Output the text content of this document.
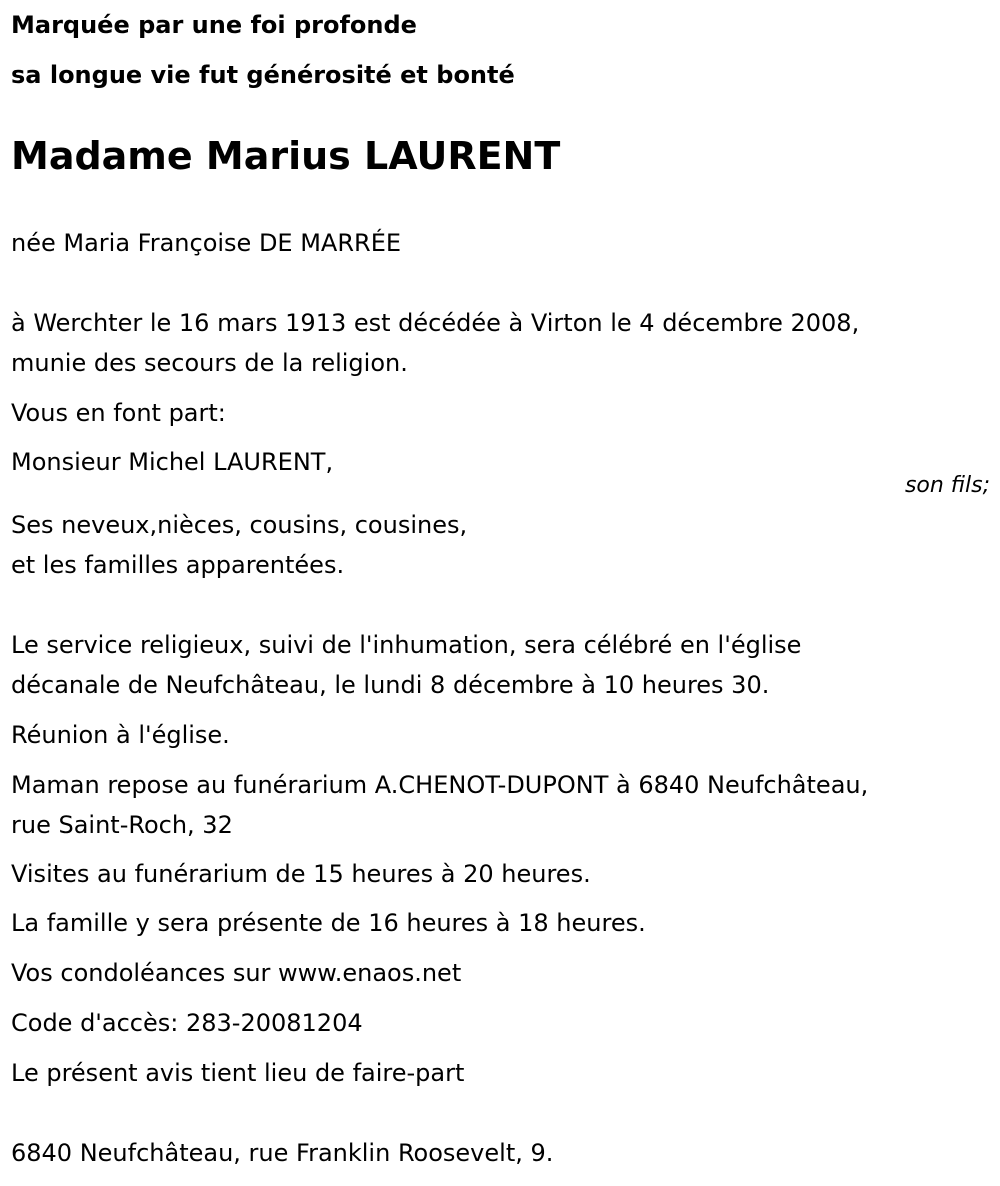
Marquée par une foi profonde
sa longue vie fut générosité et bonté
Madame Marius LAURENT
née Maria Françoise DE MARRÉE
à Werchter le 16 mars 1913 est décédée à Virton le 4 décembre 2008,
munie des secours de la religion.
Vous en font part:
Monsieur Michel LAURENT,
son fils;
Ses neveux,nièces, cousins, cousines,
et les familles apparentées.
Le service religieux, suivi de l'inhumation, sera célébré en l'église
décanale de Neufchâteau, le lundi 8 décembre à 10 heures 30.
Réunion à l'église.
Maman repose au funérarium A.CHENOT-DUPONT à 6840 Neufchâteau,
rue Saint-Roch, 32
Visites au funérarium de 15 heures à 20 heures.
La famille y sera présente de 16 heures à 18 heures.
Vos condoléances sur www.enaos.net
Code d'accès: 283-20081204
Le présent avis tient lieu de faire-part
6840 Neufchâteau, rue Franklin Roosevelt, 9.
